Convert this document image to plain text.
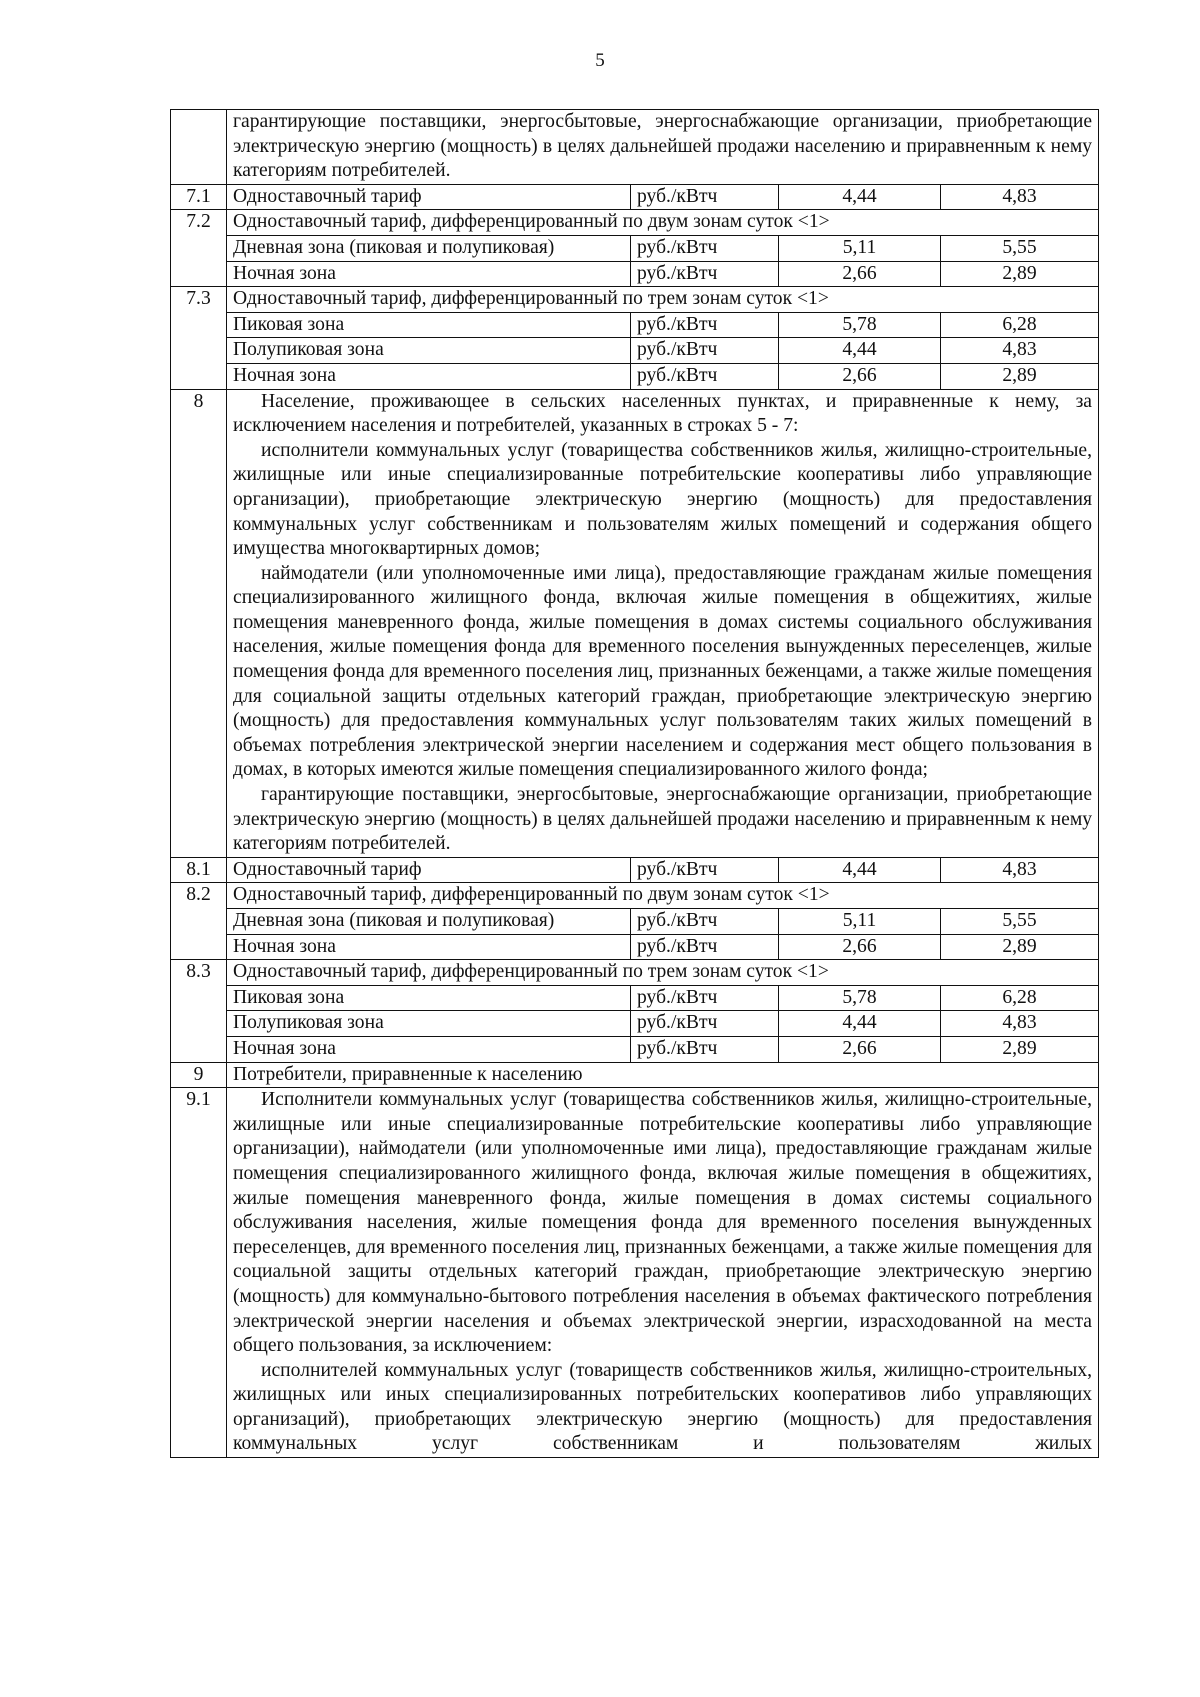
5

	гарантирующие поставщики, энергосбытовые, энергоснабжающие организации, приобретающие электрическую энергию (мощность) в целях дальнейшей продажи населению и приравненным к нему категориям потребителей.			

7.1	Одноставочный тариф	руб./кВтч	4,44	4,83
7.2	Одноставочный тариф, дифференцированный по двум зонам суток <1>			
	Дневная зона (пиковая и полупиковая)	руб./кВтч	5,11	5,55
	Ночная зона	руб./кВтч	2,66	2,89
7.3	Одноставочный тариф, дифференцированный по трем зонам суток <1>			
	Пиковая зона	руб./кВтч	5,78	6,28
	Полупиковая зона	руб./кВтч	4,44	4,83
	Ночная зона	руб./кВтч	2,66	2,89
8	Население, проживающее в сельских населенных пунктах, и приравненные к нему, за исключением населения и потребителей, указанных в строках 5 - 7:
исполнители коммунальных услуг (товарищества собственников жилья, жилищно-строительные, жилищные или иные специализированные потребительские кооперативы либо управляющие организации), приобретающие электрическую энергию (мощность) для предоставления коммунальных услуг собственникам и пользователям жилых помещений и содержания общего имущества многоквартирных домов;
наймодатели (или уполномоченные ими лица), предоставляющие гражданам жилые помещения специализированного жилищного фонда, включая жилые помещения в общежитиях, жилые помещения маневренного фонда, жилые помещения в домах системы социального обслуживания населения, жилые помещения фонда для временного поселения вынужденных переселенцев, жилые помещения фонда для временного поселения лиц, признанных беженцами, а также жилые помещения для социальной защиты отдельных категорий граждан, приобретающие электрическую энергию (мощность) для предоставления коммунальных услуг пользователям таких жилых помещений в объемах потребления электрической энергии населением и содержания мест общего пользования в домах, в которых имеются жилые помещения специализированного жилого фонда;
гарантирующие поставщики, энергосбытовые, энергоснабжающие организации, приобретающие электрическую энергию (мощность) в целях дальнейшей продажи населению и приравненным к нему категориям потребителей.			

8.1	Одноставочный тариф	руб./кВтч	4,44	4,83
8.2	Одноставочный тариф, дифференцированный по двум зонам суток <1>			
	Дневная зона (пиковая и полупиковая)	руб./кВтч	5,11	5,55
	Ночная зона	руб./кВтч	2,66	2,89
8.3	Одноставочный тариф, дифференцированный по трем зонам суток <1>			
	Пиковая зона	руб./кВтч	5,78	6,28
	Полупиковая зона	руб./кВтч	4,44	4,83
	Ночная зона	руб./кВтч	2,66	2,89
9	Потребители, приравненные к населению			
9.1	Исполнители коммунальных услуг (товарищества собственников жилья, жилищно-строительные, жилищные или иные специализированные потребительские кооперативы либо управляющие организации), наймодатели (или уполномоченные ими лица), предоставляющие гражданам жилые помещения специализированного жилищного фонда, включая жилые помещения в общежитиях, жилые помещения маневренного фонда, жилые помещения в домах системы социального обслуживания населения, жилые помещения фонда для временного поселения вынужденных переселенцев, для временного поселения лиц, признанных беженцами, а также жилые помещения для социальной защиты отдельных категорий граждан, приобретающие электрическую энергию (мощность) для коммунально-бытового потребления населения в объемах фактического потребления электрической энергии населения и объемах электрической энергии, израсходованной на места общего пользования, за исключением:
исполнителей коммунальных услуг (товариществ собственников жилья, жилищно-строительных, жилищных или иных специализированных потребительских кооперативов либо управляющих организаций), приобретающих электрическую энергию (мощность) для предоставления коммунальных услуг собственникам и пользователям жилых			
